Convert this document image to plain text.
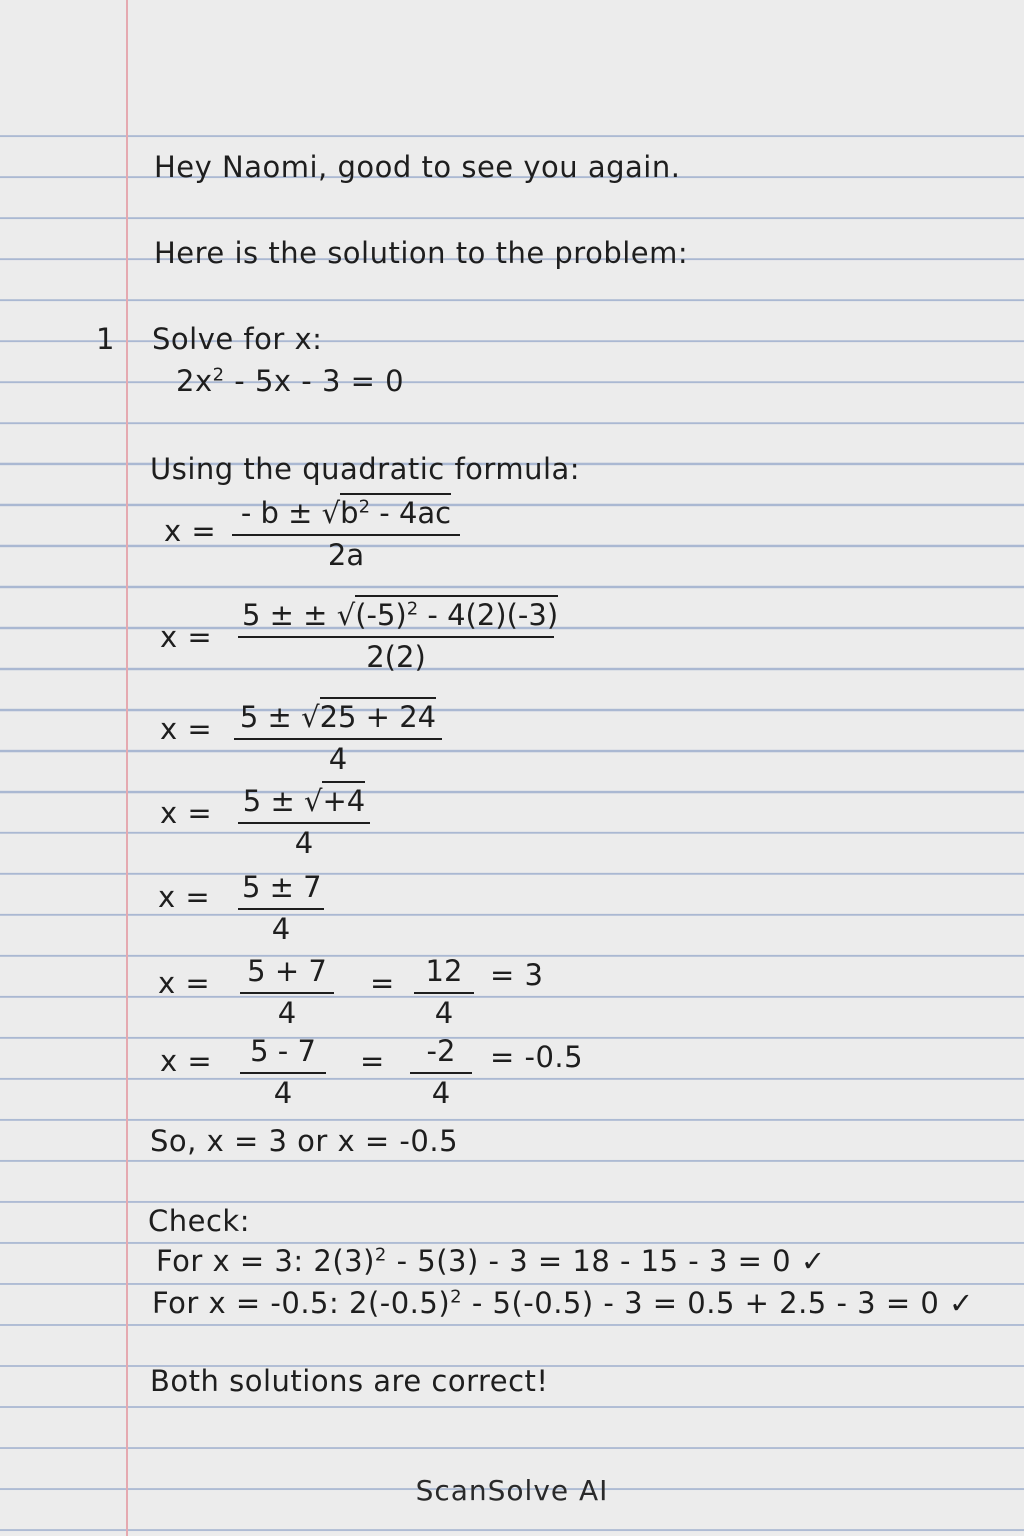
Hey Naomi, good to see you again.
Here is the solution to the problem:
1 Solve for x:
$2x^2 - 5x - 3 = 0$
Using the quadratic formula:
$x = \frac{- b \pm √b^2 - 4ac}{2a}$
$x = \frac{5 \pm \pm √(-5)^2 - 4(2)(-3)}{2(2)}$
$x = \frac{5 \pm √25 + 24}{4}$
$x = \frac{5 \pm √+4}{4}$
$x = \frac{5 \pm 7}{4}$
$x = \frac{5 + 7}{4} = \frac{12}{4} = 3$
$x = \frac{5 - 7}{4} = \frac{-2}{4} = -0.5$
So, x = 3 or x = -0.5
Check:
For x = 3: $2(3)^2 - 5(3) - 3 = 18 - 15 - 3 = 0$ ✓
For x = -0.5: $2(-0.5)^2 - 5(-0.5) - 3 = 0.5 + 2.5 - 3 = 0$ ✓
Both solutions are correct!
ScanSolve AI
